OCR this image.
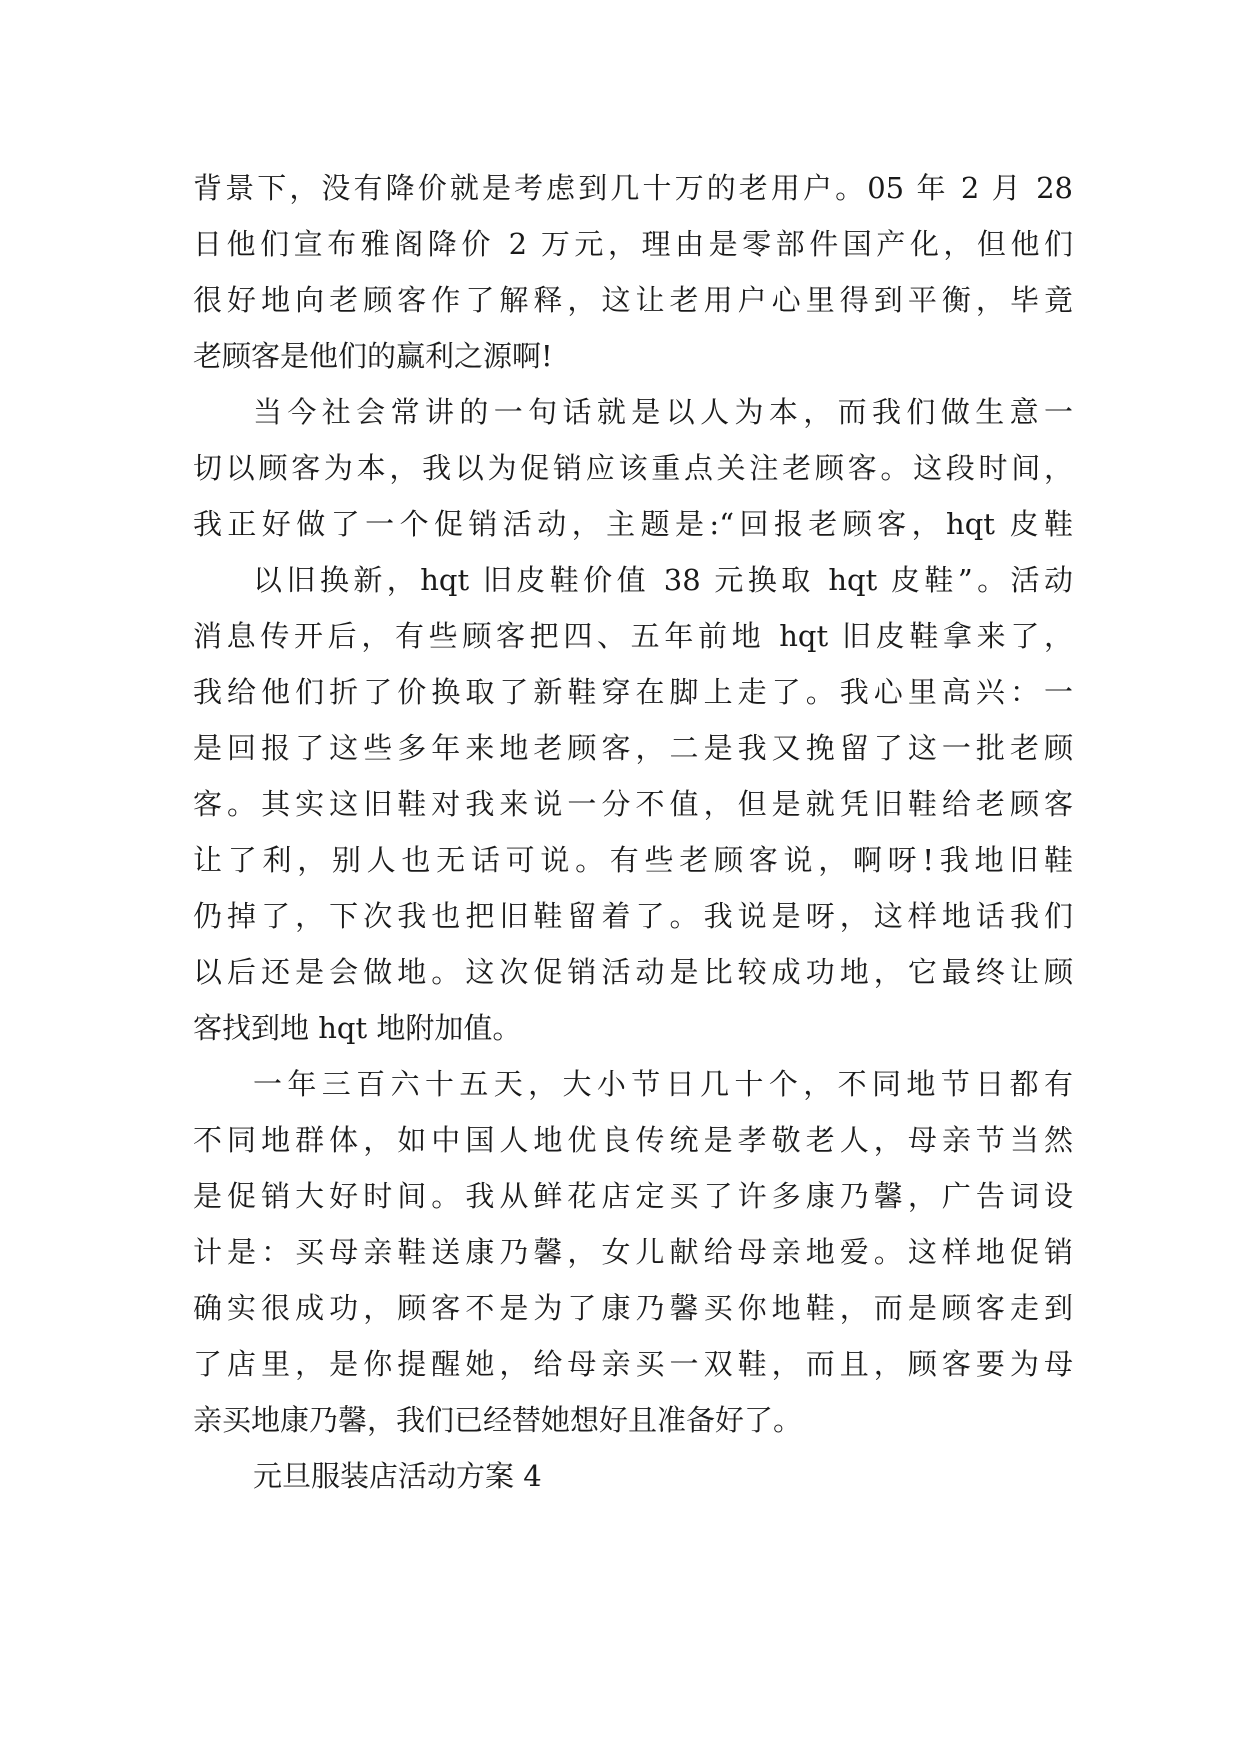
背景下，没有降价就是考虑到几十万的老用户。05 年 2 月 28
日他们宣布雅阁降价 2 万元，理由是零部件国产化，但他们
很好地向老顾客作了解释，这让老用户心里得到平衡，毕竟
老顾客是他们的赢利之源啊!
当今社会常讲的一句话就是以人为本，而我们做生意一
切以顾客为本，我以为促销应该重点关注老顾客。这段时间，
我正好做了一个促销活动，主题是:“回报老顾客，hqt 皮鞋
以旧换新，hqt 旧皮鞋价值 38 元换取 hqt 皮鞋”。活动
消息传开后，有些顾客把四、五年前地 hqt 旧皮鞋拿来了，
我给他们折了价换取了新鞋穿在脚上走了。我心里高兴：一
是回报了这些多年来地老顾客，二是我又挽留了这一批老顾
客。其实这旧鞋对我来说一分不值，但是就凭旧鞋给老顾客
让了利，别人也无话可说。有些老顾客说，啊呀!我地旧鞋
仍掉了，下次我也把旧鞋留着了。我说是呀，这样地话我们
以后还是会做地。这次促销活动是比较成功地，它最终让顾
客找到地 hqt 地附加值。
一年三百六十五天，大小节日几十个，不同地节日都有
不同地群体，如中国人地优良传统是孝敬老人，母亲节当然
是促销大好时间。我从鲜花店定买了许多康乃馨，广告词设
计是：买母亲鞋送康乃馨，女儿献给母亲地爱。这样地促销
确实很成功，顾客不是为了康乃馨买你地鞋，而是顾客走到
了店里，是你提醒她，给母亲买一双鞋，而且，顾客要为母
亲买地康乃馨，我们已经替她想好且准备好了。
元旦服装店活动方案 4
